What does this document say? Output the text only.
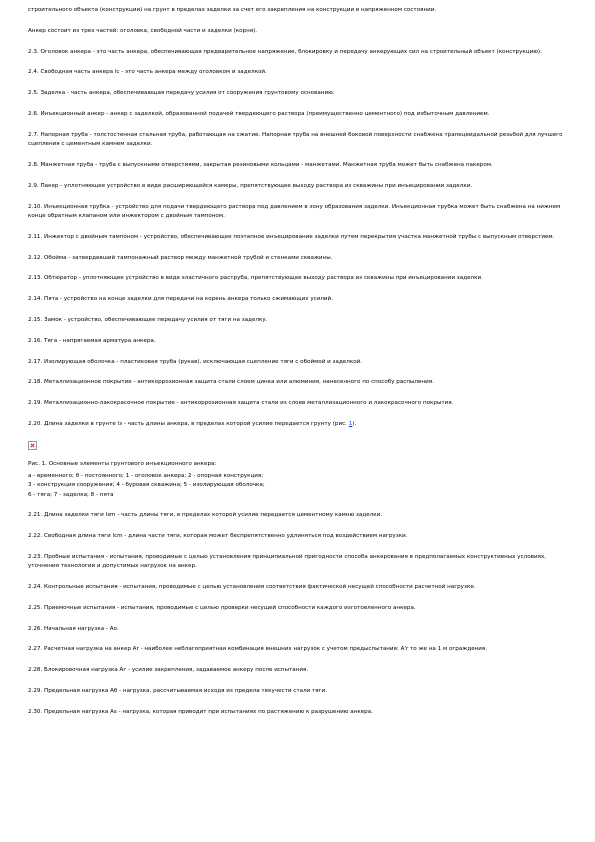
строительного объекта (конструкции) на грунт в пределах заделки за счет его закрепления на конструкции в напряженном состоянии.

Анкер состоит из трех частей: оголовка, свободной части и заделки (корня).

2.3. Оголовок анкера - это часть анкера, обеспечивающая предварительное напряжение, блокировку и передачу анкерующих сил на строительный объект (конструкцию).

2.4. Свободная часть анкера lс - это часть анкера между оголовком и заделкой.

2.5. Заделка - часть анкера, обеспечивающая передачу усилия от сооружения грунтовому основанию.

2.6. Инъекционный анкер - анкер с заделкой, образованной подачей твердеющего раствора (преимущественно цементного) под избыточным давлением.

2.7. Напорная труба - толстостенная стальная труба, работающая на сжатие. Напорная труба на внешней боковой поверхности снабжена трапецеидальной резьбой для лучшего сцепления с цементным камнем заделки.

2.8. Манжетная труба - труба с выпускными отверстиями, закрытая резиновыми кольцами - манжетами. Манжетная труба может быть снабжена пакером.

2.9. Пакер - уплотняющее устройство в виде расширяющейся камеры, препятствующее выходу раствора из скважины при инъецировании заделки.

2.10. Инъекционная трубка - устройство для подачи твердеющего раствора под давлением в зону образования заделки. Инъекционная трубка может быть снабжена на нижнем конце обратным клапаном или инжектором с двойным тампоном.

2.11. Инжектор с двойным тампоном - устройство, обеспечивающее поэтапное инъецирование заделки путем перекрытия участка манжетной трубы с выпускным отверстием.

2.12. Обойма - затвердевший тампонажный раствор между манжетной трубой и стенками скважины.

2.13. Обтюратор - уплотняющее устройство в виде эластичного раструба, препятствующее выходу раствора из скважины при инъецировании заделки.

2.14. Пята - устройство на конце заделки для передачи на корень анкера только сжимающих усилий.

2.15. Замок - устройство, обеспечивающее передачу усилия от тяги на заделку.

2.16. Тяга - напрягаемая арматура анкера.

2.17. Изолирующая оболочка - пластиковая труба (рукав), исключающая сцепление тяги с обоймой и заделкой.

2.18. Металлизационное покрытие - антикоррозионная защита стали слоем цинка или алюминия, нанесенного по способу распыления.

2.19. Металлизационно-лакокрасочное покрытие - антикоррозионная защита стали из слоев металлизационного и лакокрасочного покрытия.

2.20. Длина заделки в грунте lз - часть длины анкера, в пределах которой усилие передается грунту (рис. 1).

Рис. 1. Основные элементы грунтового инъекционного анкера:

а - временного; б - постоянного; 1 - оголовок анкера; 2 - опорная конструкция;
3 - конструкция сооружения; 4 - буровая скважина; 5 - изолирующая оболочка;
6 - тяга; 7 - заделка; 8 - пята

2.21. Длина заделки тяги lзm - часть длины тяги, в пределах которой усилие передается цементному камню заделки.

2.22. Свободная длина тяги lсm - длина части тяги, которая может беспрепятственно удлиняться под воздействием нагрузки.

2.23. Пробные испытания - испытания, проводимые с целью установления принципиальной пригодности способа анкерования в предполагаемых конструктивных условиях, уточнения технологии и допустимых нагрузок на анкер.

2.24. Контрольные испытания - испытания, проводимые с целью установления соответствия фактической несущей способности расчетной нагрузке.

2.25. Приемочные испытания - испытания, проводимые с целью проверки несущей способности каждого изготовленного анкера.

2.26. Начальная нагрузка - Ао.

2.27. Расчетная нагрузка на анкер Ar - наиболее неблагоприятная комбинация внешних нагрузок с учетом предыспытания: А'r то же на 1 м ограждения.

2.28. Блокировочная нагрузка Аг - усилие закрепления, задаваемое анкеру после испытания.

2.29. Предельная нагрузка Аб - нагрузка, рассчитываемая исходя из предела текучести стали тяги.

2.30. Предельная нагрузка Аs - нагрузка, которая приводит при испытаниях по растяжению к разрушению анкера.
